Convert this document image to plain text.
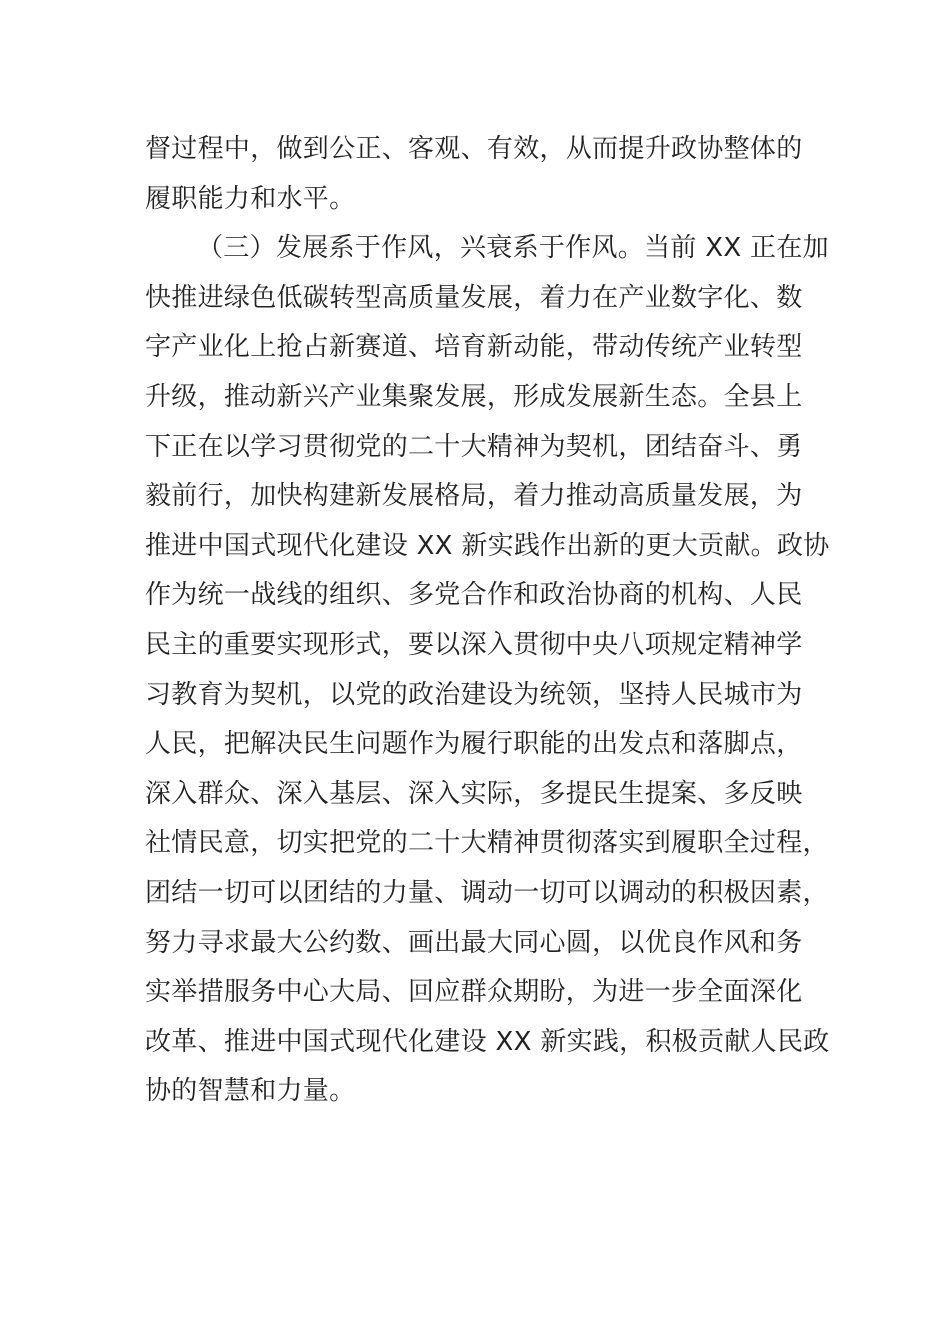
督过程中，做到公正、客观、有效，从而提升政协整体的
履职能力和水平。

（三）发展系于作风，兴衰系于作风。当前 XX 正在加
快推进绿色低碳转型高质量发展，着力在产业数字化、数
字产业化上抢占新赛道、培育新动能，带动传统产业转型
升级，推动新兴产业集聚发展，形成发展新生态。全县上
下正在以学习贯彻党的二十大精神为契机，团结奋斗、勇
毅前行，加快构建新发展格局，着力推动高质量发展，为
推进中国式现代化建设 XX 新实践作出新的更大贡献。政协
作为统一战线的组织、多党合作和政治协商的机构、人民
民主的重要实现形式，要以深入贯彻中央八项规定精神学
习教育为契机，以党的政治建设为统领，坚持人民城市为
人民，把解决民生问题作为履行职能的出发点和落脚点，
深入群众、深入基层、深入实际，多提民生提案、多反映
社情民意，切实把党的二十大精神贯彻落实到履职全过程，
团结一切可以团结的力量、调动一切可以调动的积极因素，
努力寻求最大公约数、画出最大同心圆，以优良作风和务
实举措服务中心大局、回应群众期盼，为进一步全面深化
改革、推进中国式现代化建设 XX 新实践，积极贡献人民政
协的智慧和力量。
